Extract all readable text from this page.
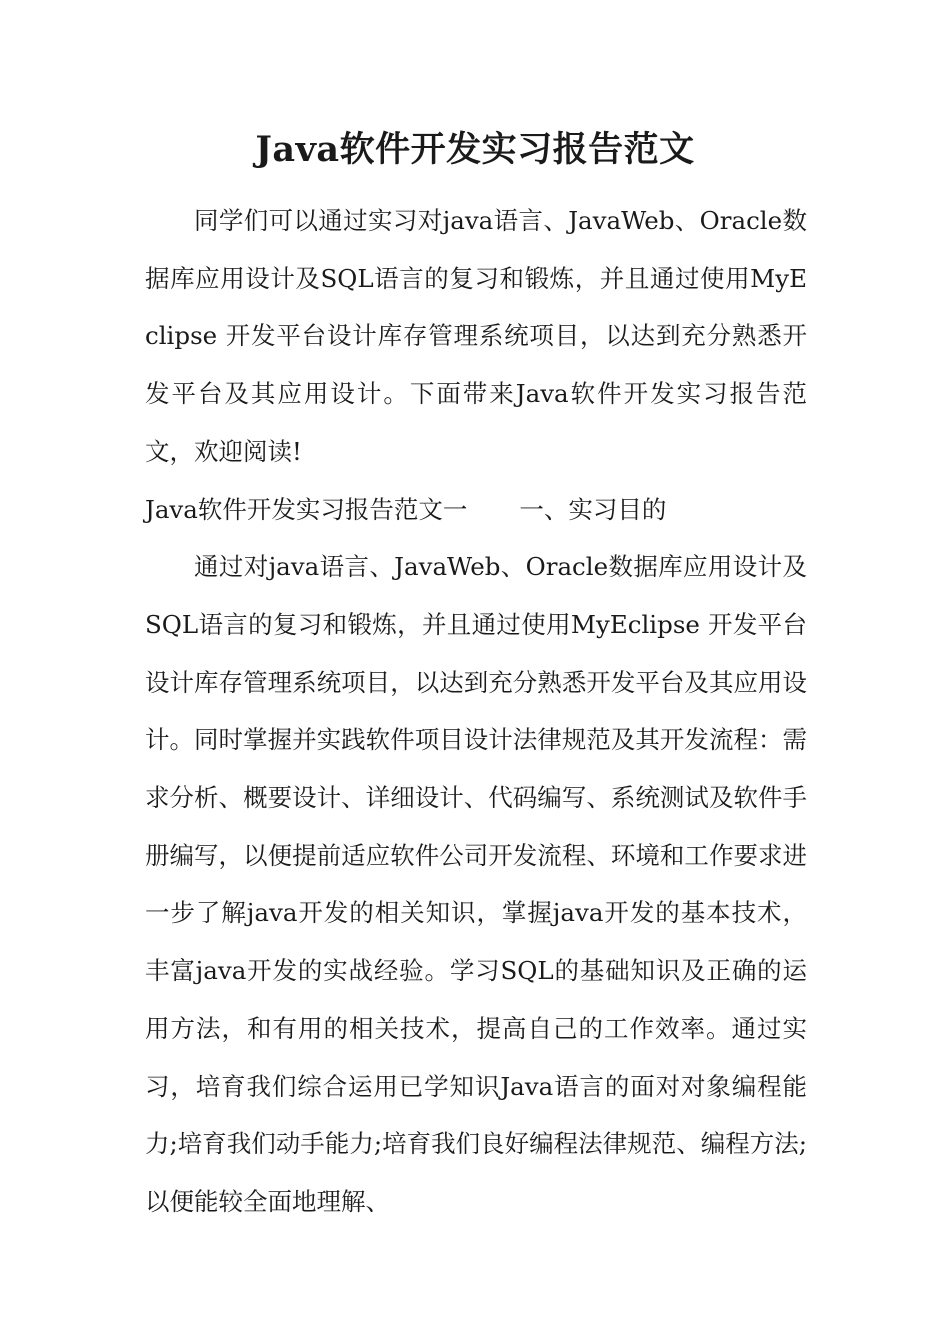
Java软件开发实习报告范文

同学们可以通过实习对java语言、JavaWeb、Oracle数据库应用设计及SQL语言的复习和锻炼，并且通过使用MyEclipse 开发平台设计库存管理系统项目，以达到充分熟悉开发平台及其应用设计。下面带来Java软件开发实习报告范文，欢迎阅读!

Java软件开发实习报告范文一 一、实习目的

通过对java语言、JavaWeb、Oracle数据库应用设计及SQL语言的复习和锻炼，并且通过使用MyEclipse 开发平台设计库存管理系统项目，以达到充分熟悉开发平台及其应用设计。同时掌握并实践软件项目设计法律规范及其开发流程：需求分析、概要设计、详细设计、代码编写、系统测试及软件手册编写，以便提前适应软件公司开发流程、环境和工作要求进一步了解java开发的相关知识，掌握java开发的基本技术，丰富java开发的实战经验。学习SQL的基础知识及正确的运用方法，和有用的相关技术，提高自己的工作效率。通过实习，培育我们综合运用已学知识Java语言的面对对象编程能力;培育我们动手能力;培育我们良好编程法律规范、编程方法;以便能较全面地理解、
